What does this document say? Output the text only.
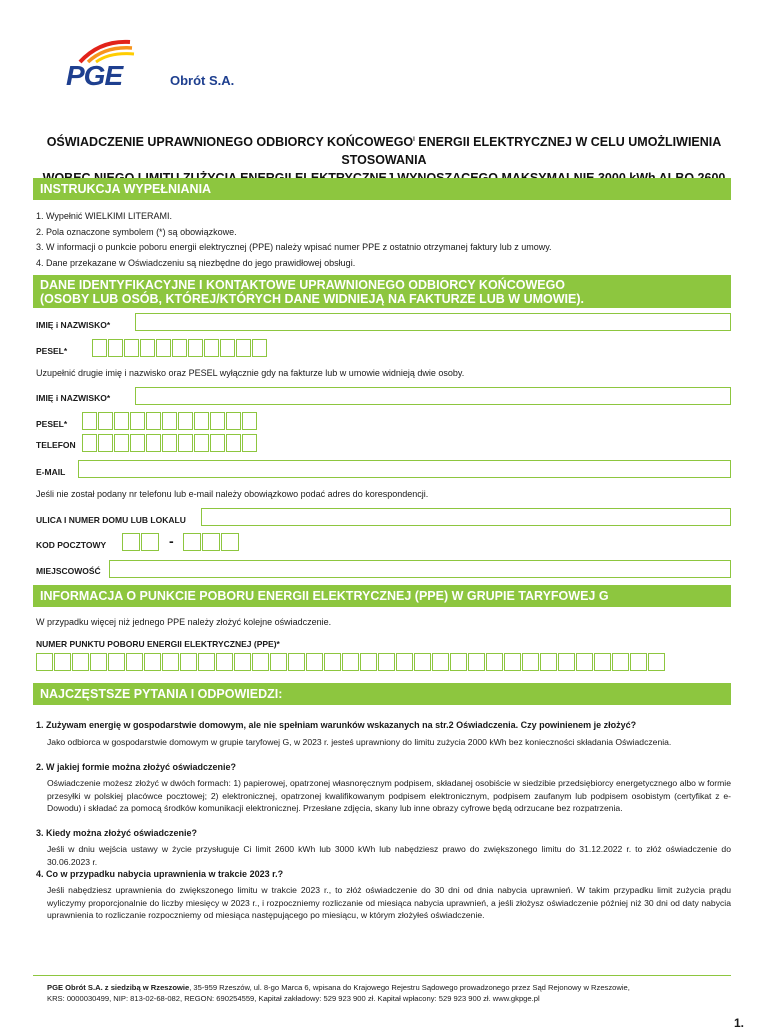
PGE	Obrót S.A.
OŚWIADCZENIE UPRAWNIONEGO ODBIORCY $KOŃCOWEGO^I$ ENERGII ELEKTRYCZNEJ W CELU UMOŻLIWIENIA STOSOWANIA
INSTRUKCJA WYPEŁNIANIA
1. Wypełnić WIELKIMI LITERAMI.
2. Pola oznaczone symbolem (*) są obowiązkowe.
3. W informacji o punkcie poboru energii elektrycznej (PPE) należy wpisać numer PPE z ostatnio otrzymanej faktury lub z umowy.
4. Dane przekazane w Oświadczeniu są niezbędne do jego prawidłowej obsługi.
DANE IDENTYFIKACYJNE I KONTAKTOWE UPRAWNIONEGO ODBIORCY KOŃCOWEGO
(OSOBY LUB OSÓB, KTÓREJ/KTÓRYCH DANE WIDNIEJĄ NA FAKTURZE LUB W UMOWIE).
IMIĘ i NAZWISKO*
PESEL*
Uzupełnić drugie imię i nazwisko oraz PESEL wyłącznie gdy na fakturze lub w umowie widnieją dwie osoby.
IMIĘ i NAZWISKO*
PESEL*
TELEFON
E-MAIL
Jeśli nie został podany nr telefonu lub e-mail należy obowiązkowo podać adres do korespondencji.
ULICA I NUMER DOMU LUB LOKALU
KOD POCZTOWY	-
MIEJSCOWOŚĆ
INFORMACJA O PUNKCIE POBORU ENERGII ELEKTRYCZNEJ (PPE) W GRUPIE TARYFOWEJ G
W przypadku więcej niż jednego PPE należy złożyć kolejne oświadczenie.
NUMER PUNKTU POBORU ENERGII ELEKTRYCZNEJ (PPE)*
NAJCZĘSTSZE PYTANIA I ODPOWIEDZI:
1. Zużywam energię w gospodarstwie domowym, ale nie spełniam warunków wskazanych na str.2 Oświadczenia. Czy powinienem je złożyć?
Jako odbiorca w gospodarstwie domowym w grupie taryfowej G, w 2023 r. jesteś uprawniony do limitu zużycia 2000 kWh bez konieczności składania Oświadczenia.
2. W jakiej formie można złożyć oświadczenie?
Oświadczenie możesz złożyć w dwóch formach: 1) papierowej, opatrzonej własnoręcznym podpisem, składanej osobiście w siedzibie przedsiębiorcy energetycznego albo w formie przesyłki w polskiej placówce pocztowej; 2) elektronicznej, opatrzonej kwalifikowanym podpisem elektronicznym, podpisem zaufanym lub podpisem osobistym (certyfikat z e-Dowodu) i składać za pomocą środków komunikacji elektronicznej. Przesłane zdjęcia, skany lub inne obrazy cyfrowe będą odrzucane bez rozpatrzenia.
3. Kiedy można złożyć oświadczenie?
Jeśli w dniu wejścia ustawy w życie przysługuje Ci limit 2600 kWh lub 3000 kWh lub nabędziesz prawo do zwiększonego limitu do 31.12.2022 r. to złóż oświadczenie do 30.06.2023 r.
4. Co w przypadku nabycia uprawnienia w trakcie 2023 r.?
Jeśli nabędziesz uprawnienia do zwiększonego limitu w trakcie 2023 r., to złóż oświadczenie do 30 dni od dnia nabycia uprawnień. W takim przypadku limit zużycia prądu wyliczymy proporcjonalnie do liczby miesięcy w 2023 r., i rozpoczniemy rozliczanie od miesiąca nabycia uprawnień, a jeśli złożysz oświadczenie później niż 30 dni od daty nabycia uprawnienia to rozliczanie rozpoczniemy od miesiąca następującego po miesiącu, w którym złożyłeś oświadczenie.
PGE Obrót S.A. z siedzibą w Rzeszowie, 35-959 Rzeszów, ul. 8-go Marca 6, wpisana do Krajowego Rejestru Sądowego prowadzonego przez Sąd Rejonowy w Rzeszowie,
KRS: 0000030499, NIP: 813-02-68-082, REGON: 690254559, Kapitał zakładowy: 529 923 900 zł. Kapitał wpłacony: 529 923 900 zł. www.gkpge.pl
1.
